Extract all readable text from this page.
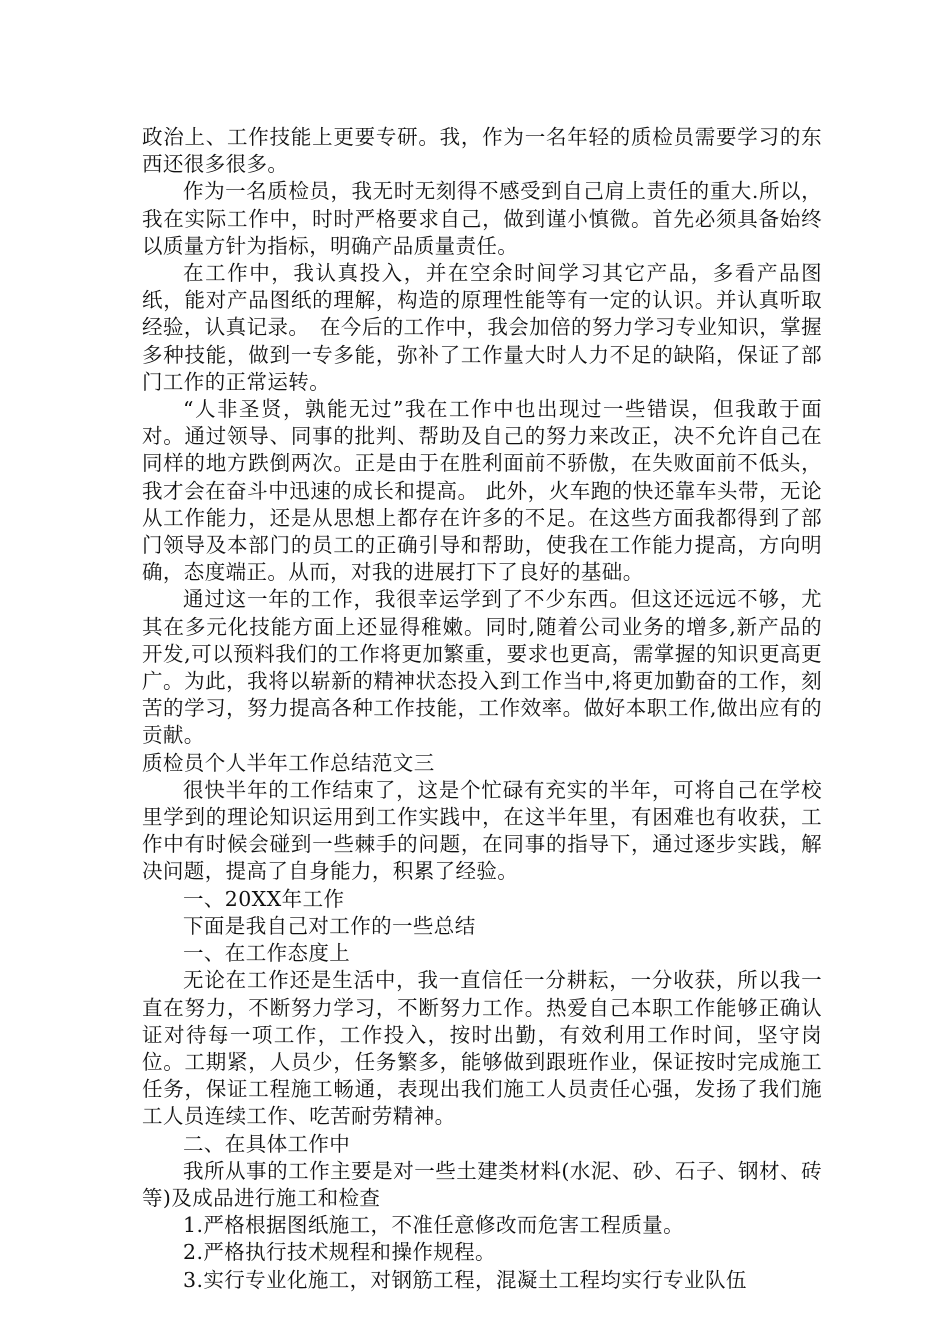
政治上、工作技能上更要专研。我，作为一名年轻的质检员需要学习的东西还很多很多。

作为一名质检员，我无时无刻得不感受到自己肩上责任的重大.所以，我在实际工作中，时时严格要求自己，做到谨小慎微。首先必须具备始终以质量方针为指标，明确产品质量责任。

在工作中，我认真投入，并在空余时间学习其它产品，多看产品图纸，能对产品图纸的理解，构造的原理性能等有一定的认识。并认真听取经验，认真记录。　在今后的工作中，我会加倍的努力学习专业知识，掌握多种技能，做到一专多能，弥补了工作量大时人力不足的缺陷，保证了部门工作的正常运转。

“人非圣贤，孰能无过”我在工作中也出现过一些错误，但我敢于面对。通过领导、同事的批判、帮助及自己的努力来改正，决不允许自己在同样的地方跌倒两次。正是由于在胜利面前不骄傲，在失败面前不低头，我才会在奋斗中迅速的成长和提高。 此外，火车跑的快还靠车头带，无论从工作能力，还是从思想上都存在许多的不足。在这些方面我都得到了部门领导及本部门的员工的正确引导和帮助，使我在工作能力提高，方向明确，态度端正。从而，对我的进展打下了良好的基础。

通过这一年的工作，我很幸运学到了不少东西。但这还远远不够，尤其在多元化技能方面上还显得稚嫩。同时,随着公司业务的增多,新产品的开发,可以预料我们的工作将更加繁重，要求也更高，需掌握的知识更高更广。为此，我将以崭新的精神状态投入到工作当中,将更加勤奋的工作，刻苦的学习，努力提高各种工作技能，工作效率。做好本职工作,做出应有的贡献。

质检员个人半年工作总结范文三

很快半年的工作结束了，这是个忙碌有充实的半年，可将自己在学校里学到的理论知识运用到工作实践中，在这半年里，有困难也有收获，工作中有时候会碰到一些棘手的问题，在同事的指导下，通过逐步实践，解决问题，提高了自身能力，积累了经验。

一、20XX年工作

下面是我自己对工作的一些总结

一、在工作态度上

无论在工作还是生活中，我一直信任一分耕耘，一分收获，所以我一直在努力，不断努力学习，不断努力工作。热爱自己本职工作能够正确认证对待每一项工作，工作投入，按时出勤，有效利用工作时间，坚守岗位。工期紧，人员少，任务繁多，能够做到跟班作业，保证按时完成施工任务，保证工程施工畅通，表现出我们施工人员责任心强，发扬了我们施工人员连续工作、吃苦耐劳精神。

二、在具体工作中

我所从事的工作主要是对一些土建类材料(水泥、砂、石子、钢材、砖等)及成品进行施工和检查

1.严格根据图纸施工，不准任意修改而危害工程质量。

2.严格执行技术规程和操作规程。

3.实行专业化施工，对钢筋工程，混凝土工程均实行专业队伍
